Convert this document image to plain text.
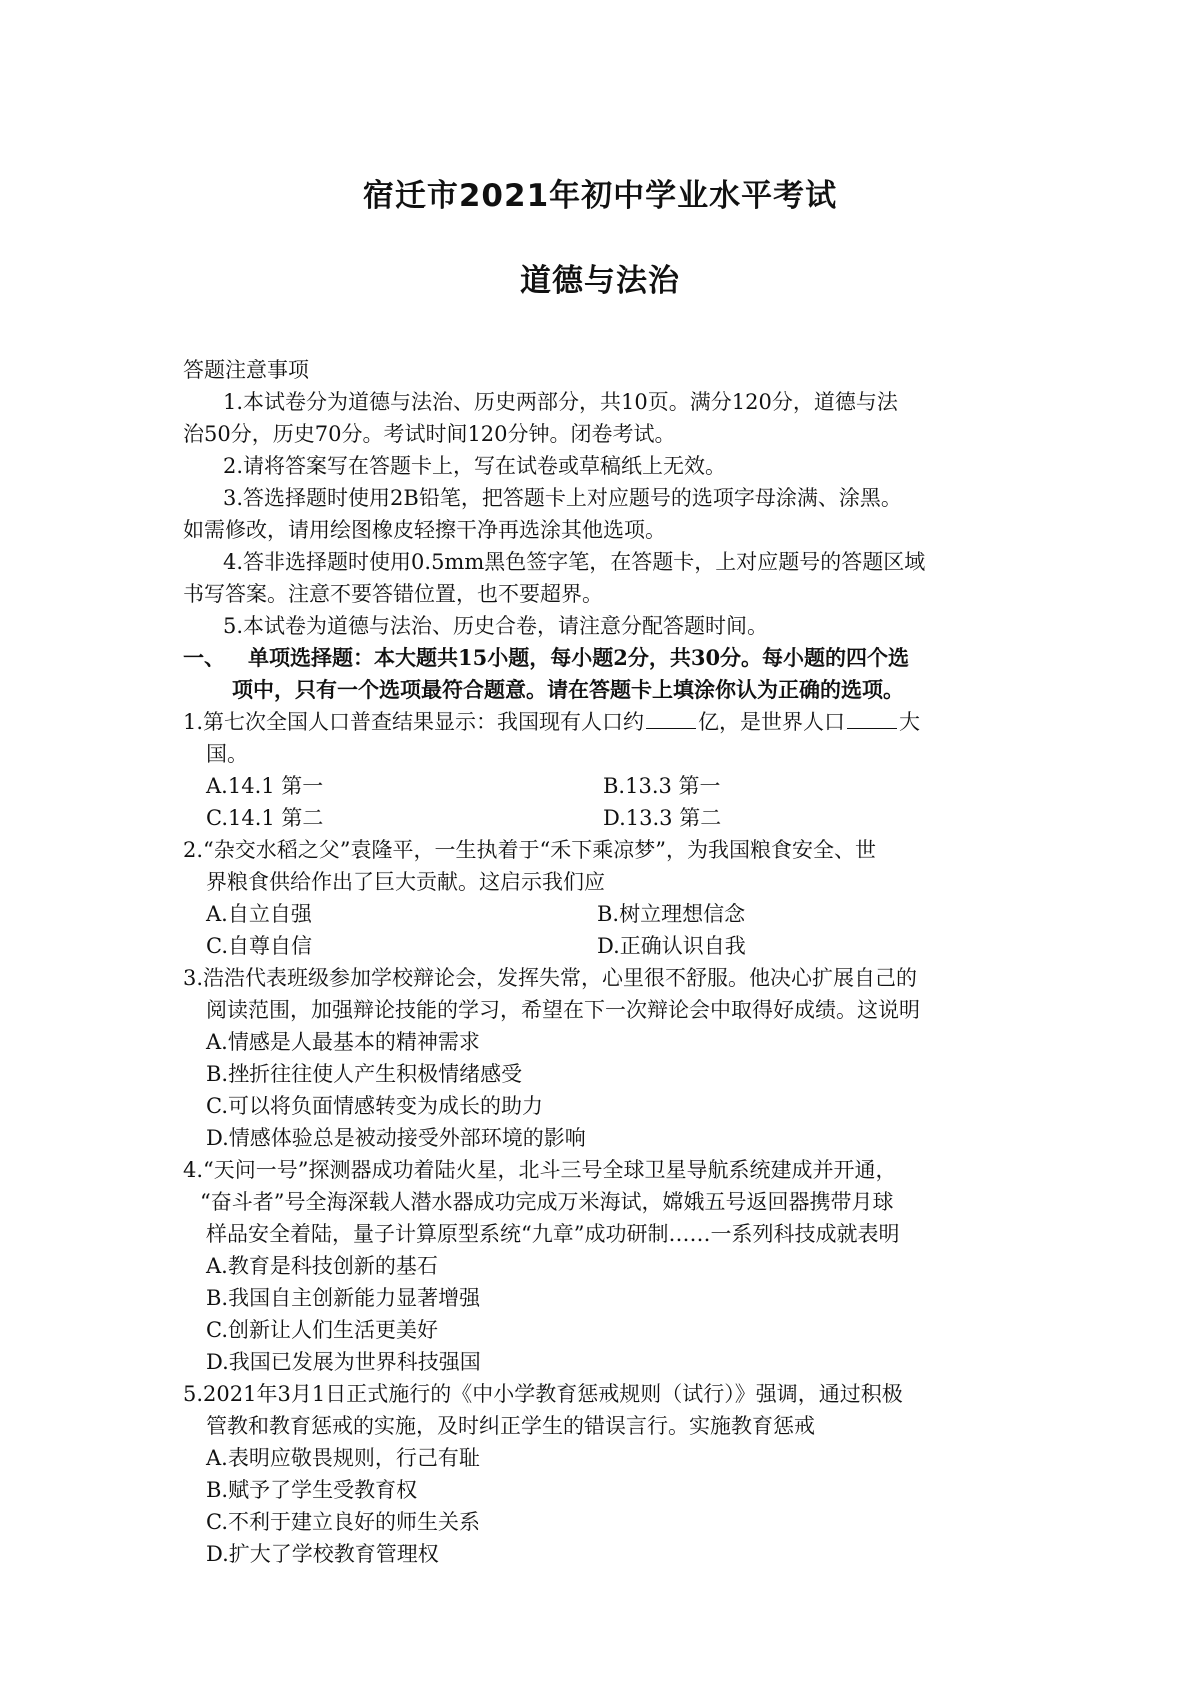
宿迁市2021年初中学业水平考试
道德与法治
答题注意事项
1.本试卷分为道德与法治、历史两部分，共10页。满分120分，道德与法
治50分，历史70分。考试时间120分钟。闭卷考试。
2.请将答案写在答题卡上，写在试卷或草稿纸上无效。
3.答选择题时使用2B铅笔，把答题卡上对应题号的选项字母涂满、涂黑。
如需修改，请用绘图橡皮轻擦干净再选涂其他选项。
4.答非选择题时使用0.5mm黑色签字笔，在答题卡，上对应题号的答题区域
书写答案。注意不要答错位置，也不要超界。
5.本试卷为道德与法治、历史合卷，请注意分配答题时间。
一、 单项选择题：本大题共15小题，每小题2分，共30分。每小题的四个选
项中，只有一个选项最符合题意。请在答题卡上填涂你认为正确的选项。
1.第七次全国人口普查结果显示：我国现有人口约	亿，是世界人口	大
国。
A.14.1 第一	B.13.3 第一
C.14.1 第二	D.13.3 第二
2.“杂交水稻之父”袁隆平，一生执着于“禾下乘凉梦”，为我国粮食安全、世
界粮食供给作出了巨大贡献。这启示我们应
A.自立自强	B.树立理想信念
C.自尊自信	D.正确认识自我
3.浩浩代表班级参加学校辩论会，发挥失常，心里很不舒服。他决心扩展自己的
阅读范围，加强辩论技能的学习，希望在下一次辩论会中取得好成绩。这说明
A.情感是人最基本的精神需求
B.挫折往往使人产生积极情绪感受
C.可以将负面情感转变为成长的助力
D.情感体验总是被动接受外部环境的影响
4.“天问一号”探测器成功着陆火星，北斗三号全球卫星导航系统建成并开通，
“奋斗者”号全海深载人潜水器成功完成万米海试，嫦娥五号返回器携带月球
样品安全着陆，量子计算原型系统“九章”成功研制……一系列科技成就表明
A.教育是科技创新的基石
B.我国自主创新能力显著增强
C.创新让人们生活更美好
D.我国已发展为世界科技强国
5.2021年3月1日正式施行的《中小学教育惩戒规则（试行）》强调，通过积极
管教和教育惩戒的实施，及时纠正学生的错误言行。实施教育惩戒
A.表明应敬畏规则，行己有耻
B.赋予了学生受教育权
C.不利于建立良好的师生关系
D.扩大了学校教育管理权
